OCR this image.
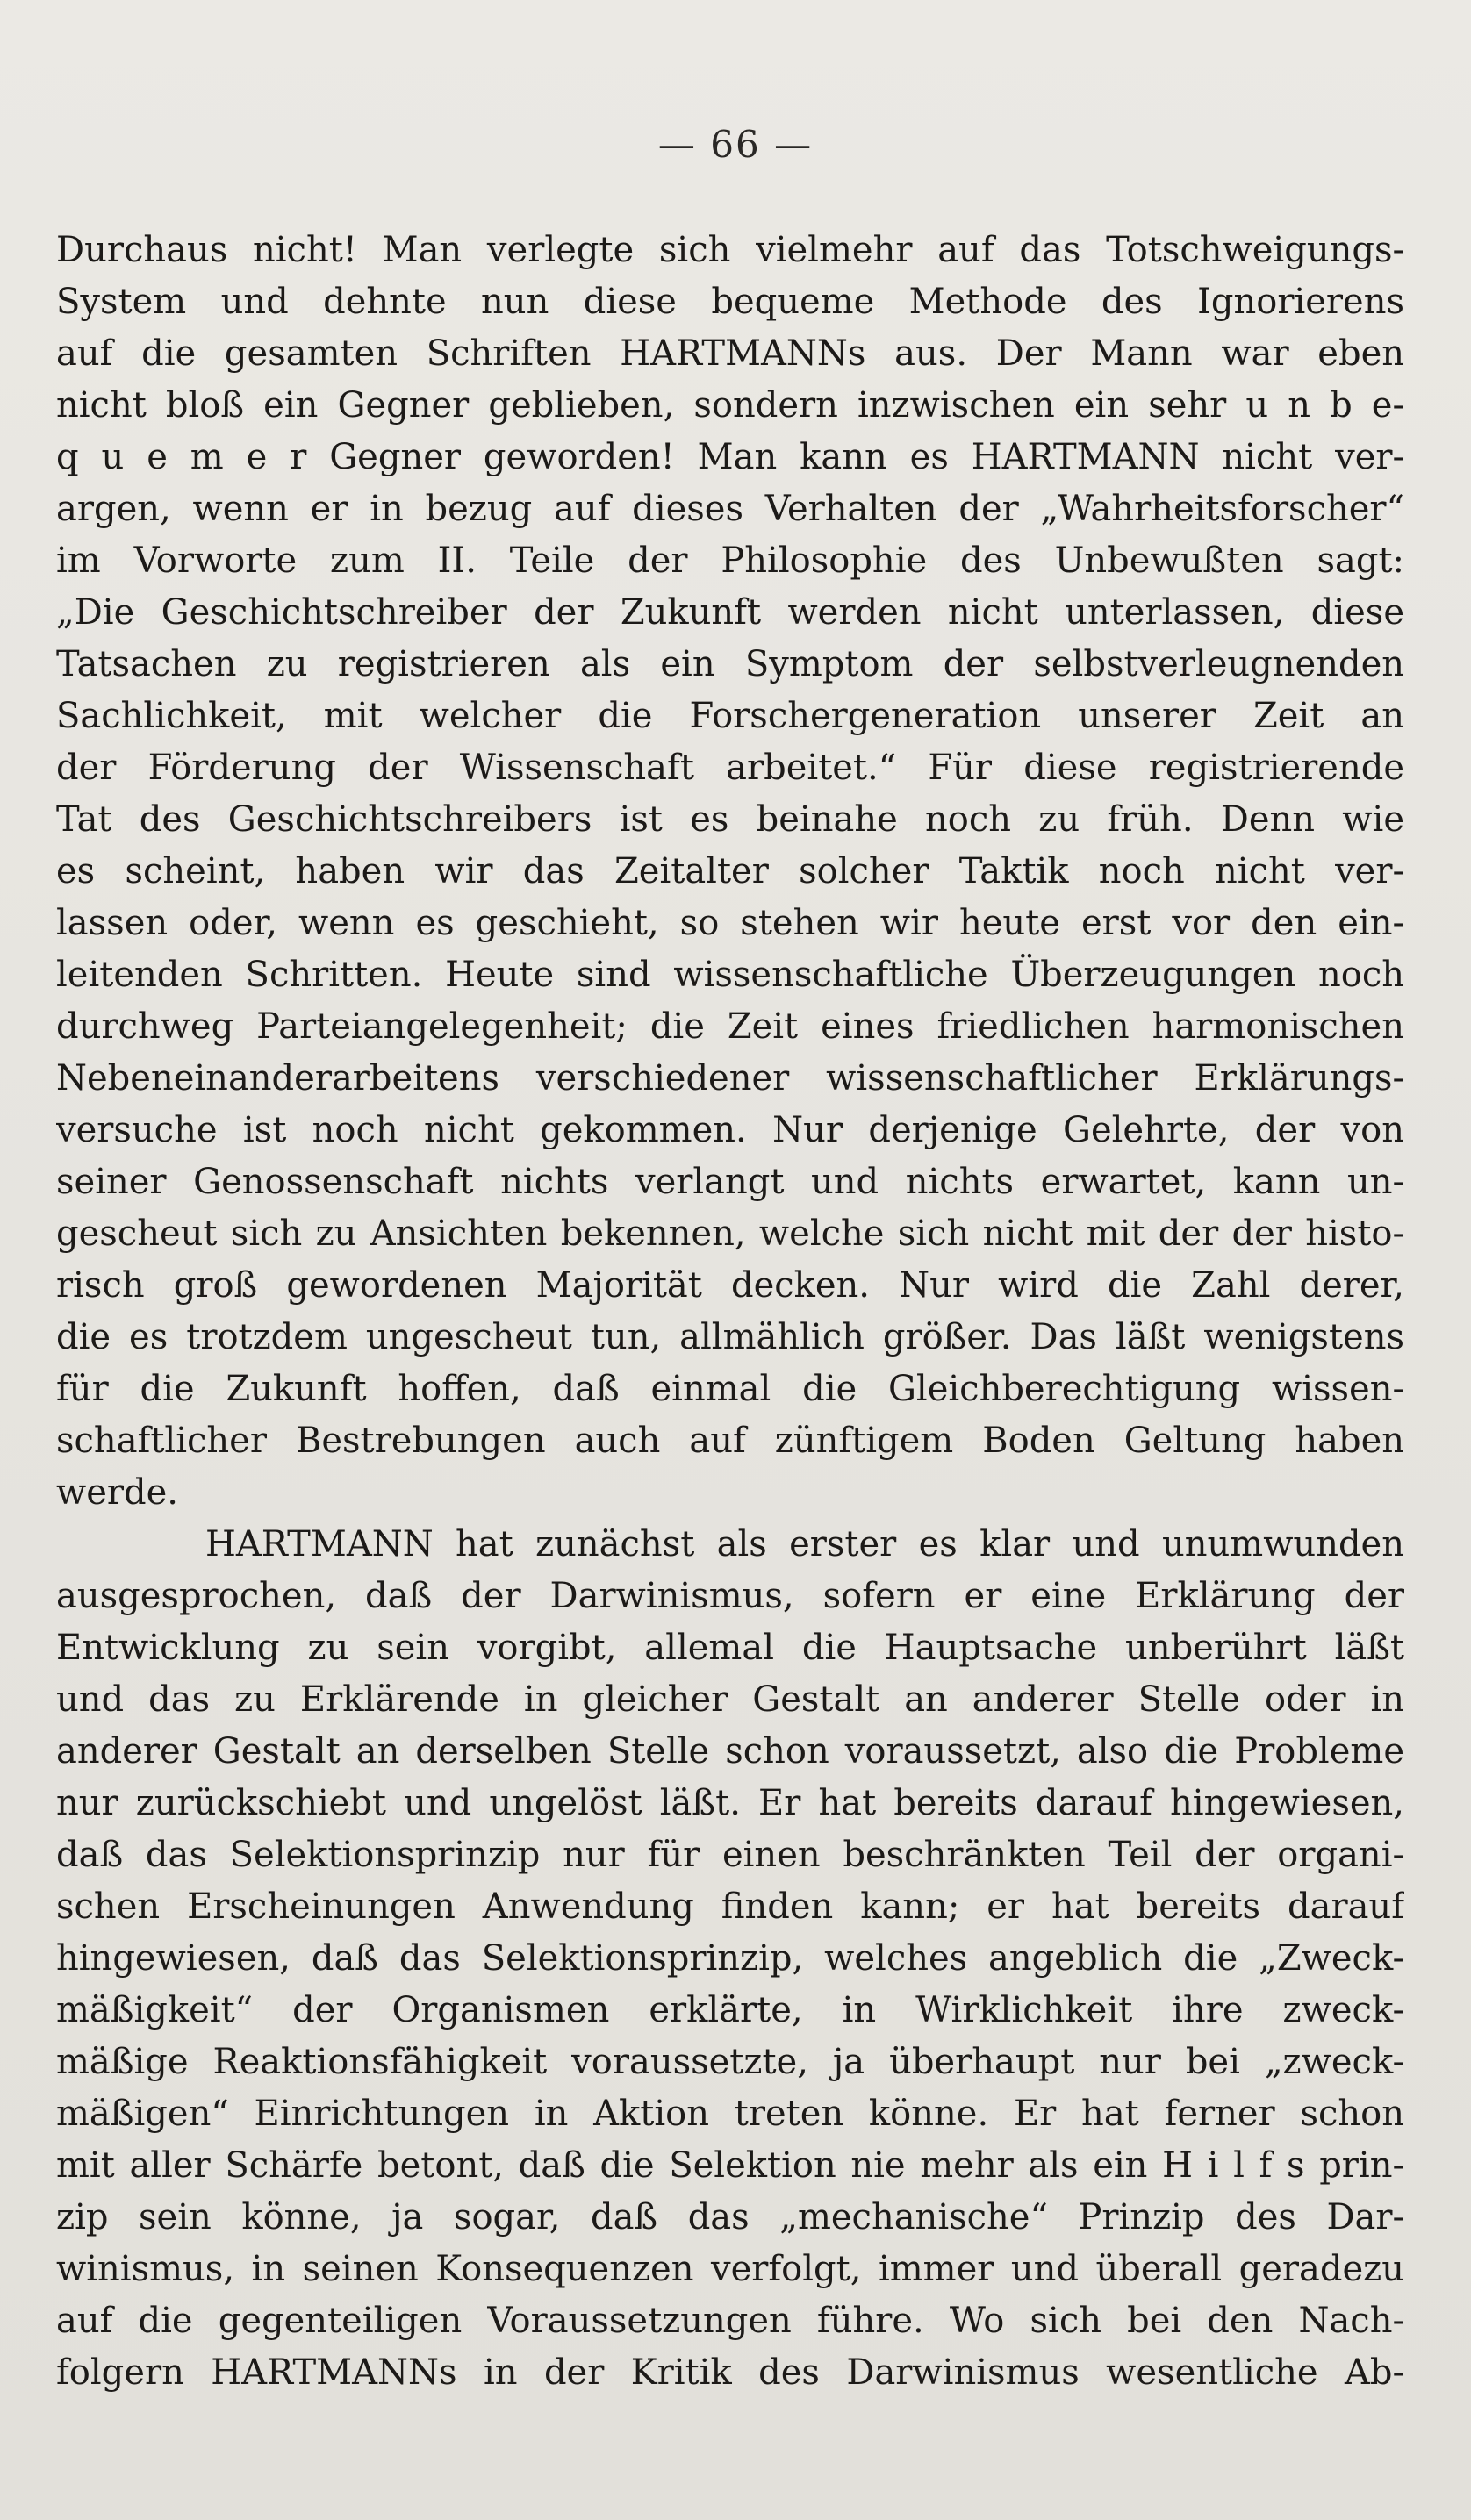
— 66 —
Durchaus nicht! Man verlegte sich vielmehr auf das Totschweigungs-
System und dehnte nun diese bequeme Methode des Ignorierens
auf die gesamten Schriften HARTMANNs aus. Der Mann war eben
nicht bloß ein Gegner geblieben, sondern inzwischen ein sehr u n b e-
q u e m e r Gegner geworden! Man kann es HARTMANN nicht ver-
argen, wenn er in bezug auf dieses Verhalten der „Wahrheitsforscher“
im Vorworte zum II. Teile der Philosophie des Unbewußten sagt:
„Die Geschichtschreiber der Zukunft werden nicht unterlassen, diese
Tatsachen zu registrieren als ein Symptom der selbstverleugnenden
Sachlichkeit, mit welcher die Forschergeneration unserer Zeit an
der Förderung der Wissenschaft arbeitet.“ Für diese registrierende
Tat des Geschichtschreibers ist es beinahe noch zu früh. Denn wie
es scheint, haben wir das Zeitalter solcher Taktik noch nicht ver-
lassen oder, wenn es geschieht, so stehen wir heute erst vor den ein-
leitenden Schritten. Heute sind wissenschaftliche Überzeugungen noch
durchweg Parteiangelegenheit; die Zeit eines friedlichen harmonischen
Nebeneinanderarbeitens verschiedener wissenschaftlicher Erklärungs-
versuche ist noch nicht gekommen. Nur derjenige Gelehrte, der von
seiner Genossenschaft nichts verlangt und nichts erwartet, kann un-
gescheut sich zu Ansichten bekennen, welche sich nicht mit der der histo-
risch groß gewordenen Majorität decken. Nur wird die Zahl derer,
die es trotzdem ungescheut tun, allmählich größer. Das läßt wenigstens
für die Zukunft hoffen, daß einmal die Gleichberechtigung wissen-
schaftlicher Bestrebungen auch auf zünftigem Boden Geltung haben
werde.
HARTMANN hat zunächst als erster es klar und unumwunden
ausgesprochen, daß der Darwinismus, sofern er eine Erklärung der
Entwicklung zu sein vorgibt, allemal die Hauptsache unberührt läßt
und das zu Erklärende in gleicher Gestalt an anderer Stelle oder in
anderer Gestalt an derselben Stelle schon voraussetzt, also die Probleme
nur zurückschiebt und ungelöst läßt. Er hat bereits darauf hingewiesen,
daß das Selektionsprinzip nur für einen beschränkten Teil der organi-
schen Erscheinungen Anwendung finden kann; er hat bereits darauf
hingewiesen, daß das Selektionsprinzip, welches angeblich die „Zweck-
mäßigkeit“ der Organismen erklärte, in Wirklichkeit ihre zweck-
mäßige Reaktionsfähigkeit voraussetzte, ja überhaupt nur bei „zweck-
mäßigen“ Einrichtungen in Aktion treten könne. Er hat ferner schon
mit aller Schärfe betont, daß die Selektion nie mehr als ein H i l f s prin-
zip sein könne, ja sogar, daß das „mechanische“ Prinzip des Dar-
winismus, in seinen Konsequenzen verfolgt, immer und überall geradezu
auf die gegenteiligen Voraussetzungen führe. Wo sich bei den Nach-
folgern HARTMANNs in der Kritik des Darwinismus wesentliche Ab-
